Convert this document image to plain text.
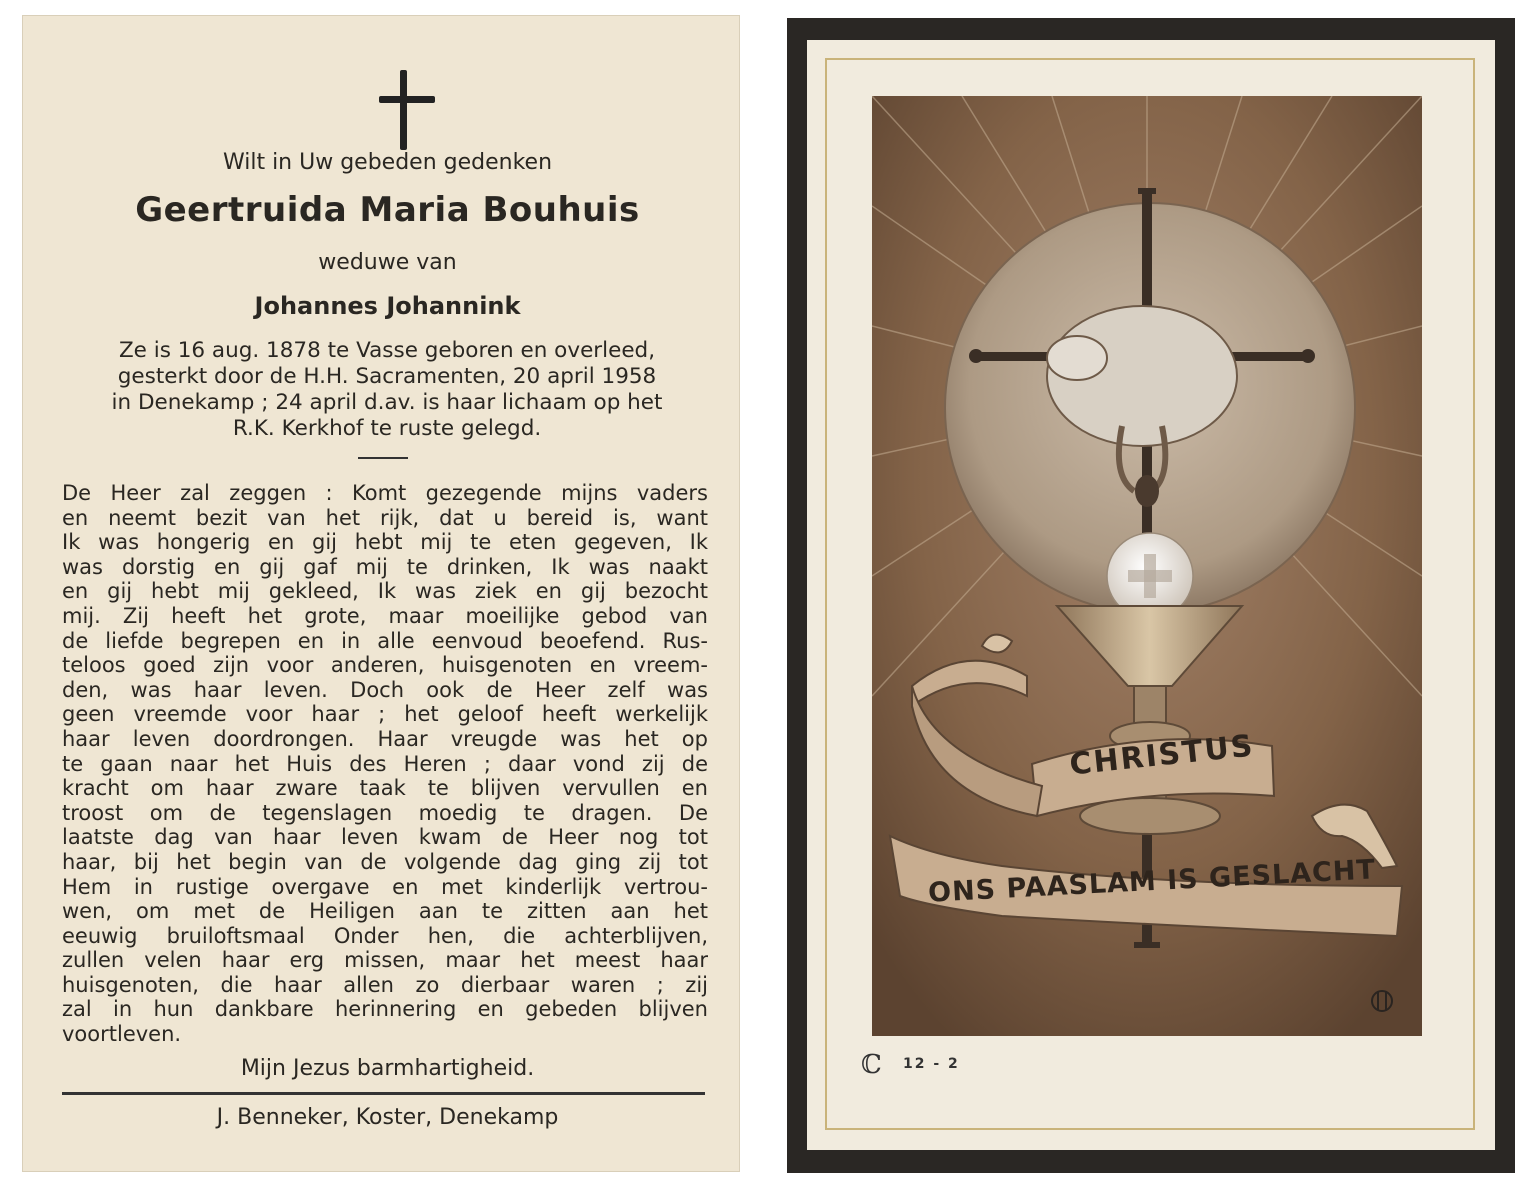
Wilt in Uw gebeden gedenken
Geertruida Maria Bouhuis
weduwe van
Johannes Johannink
Ze is 16 aug. 1878 te Vasse geboren en overleed,
gesterkt door de H.H. Sacramenten, 20 april 1958
in Denekamp ; 24 april d.av. is haar lichaam op het
R.K. Kerkhof te ruste gelegd.
De Heer zal zeggen : Komt gezegende mijns vaders
en neemt bezit van het rijk, dat u bereid is, want
Ik was hongerig en gij hebt mij te eten gegeven, Ik
was dorstig en gij gaf mij te drinken, Ik was naakt
en gij hebt mij gekleed, Ik was ziek en gij bezocht
mij. Zij heeft het grote, maar moeilijke gebod van
de liefde begrepen en in alle eenvoud beoefend. Rus-
teloos goed zijn voor anderen, huisgenoten en vreem-
den, was haar leven. Doch ook de Heer zelf was
geen vreemde voor haar ; het geloof heeft werkelijk
haar leven doordrongen. Haar vreugde was het op
te gaan naar het Huis des Heren ; daar vond zij de
kracht om haar zware taak te blijven vervullen en
troost om de tegenslagen moedig te dragen. De
laatste dag van haar leven kwam de Heer nog tot
haar, bij het begin van de volgende dag ging zij tot
Hem in rustige overgave en met kinderlijk vertrou-
wen, om met de Heiligen aan te zitten aan het
eeuwig bruiloftsmaal Onder hen, die achterblijven,
zullen velen haar erg missen, maar het meest haar
huisgenoten, die haar allen zo dierbaar waren ; zij
zal in hun dankbare herinnering en gebeden blijven
voortleven.
Mijn Jezus barmhartigheid.
J. Benneker, Koster, Denekamp
CHRISTUS
ONS PAASLAM IS GESLACHT
ℂ 12 - 2
